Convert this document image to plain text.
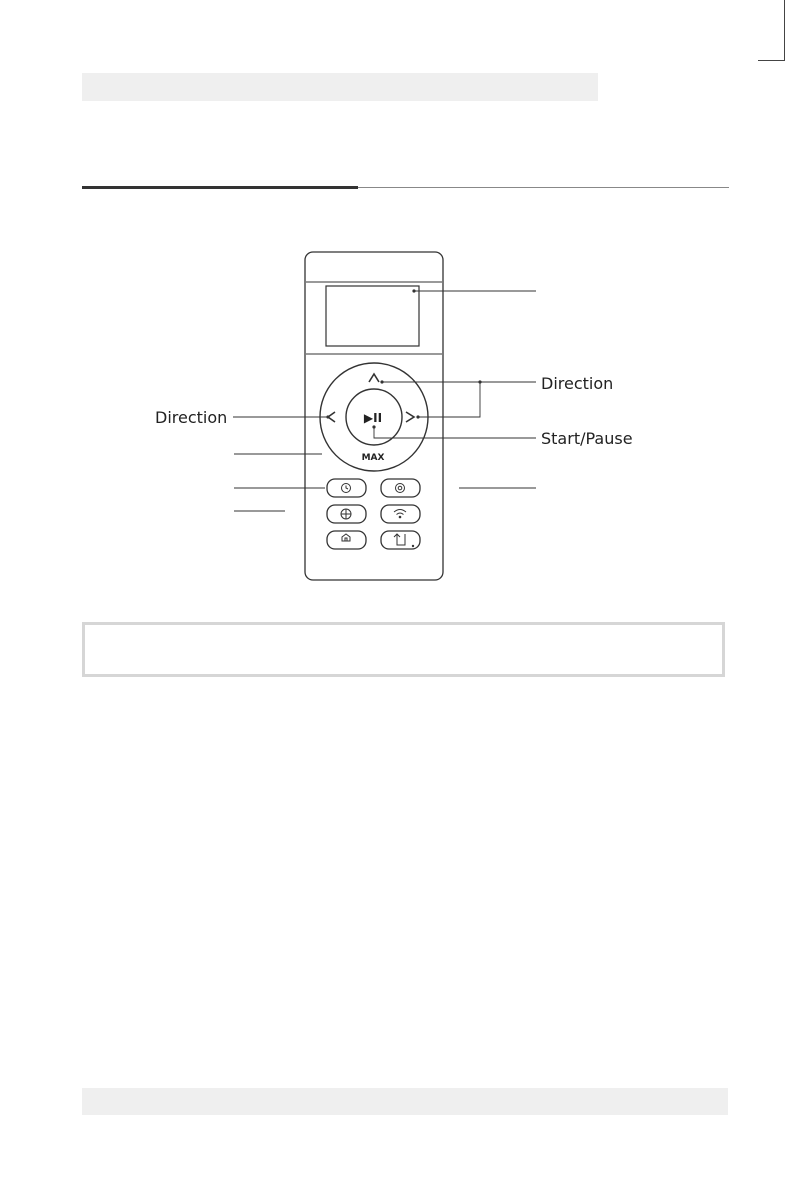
▶II
MAX
Direction
Direction
Start/Pause
